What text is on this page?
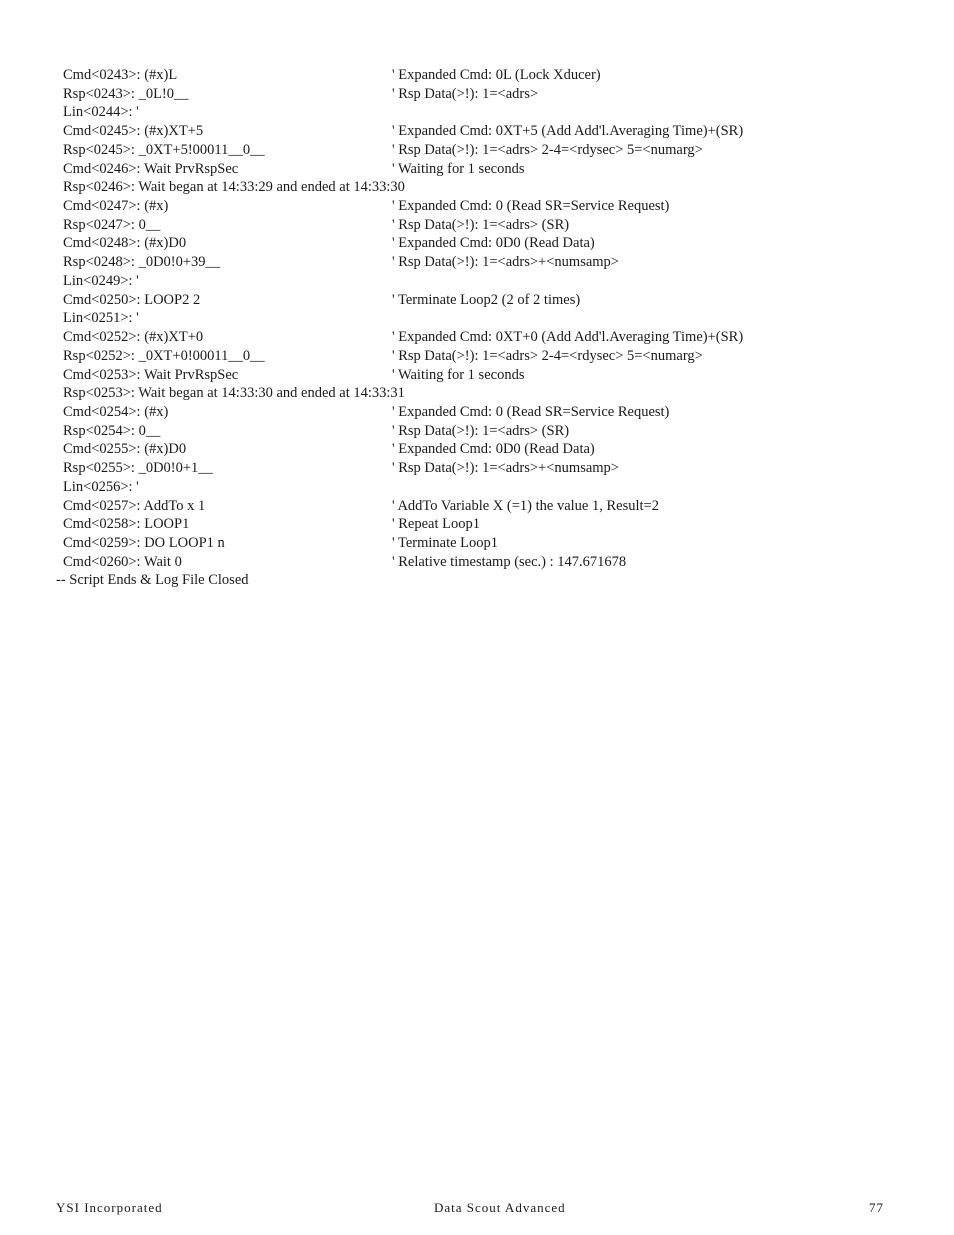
Cmd<0243>: (#x)L	' Expanded Cmd: 0L (Lock Xducer)
Rsp<0243>: _0L!0__	' Rsp Data(>!): 1=<adrs>
Lin<0244>: '
Cmd<0245>: (#x)XT+5	' Expanded Cmd: 0XT+5 (Add Add'l.Averaging Time)+(SR)
Rsp<0245>: _0XT+5!00011__0__	' Rsp Data(>!): 1=<adrs> 2-4=<rdysec> 5=<numarg>
Cmd<0246>: Wait PrvRspSec	' Waiting for 1 seconds
Rsp<0246>: Wait began at 14:33:29 and ended at 14:33:30
Cmd<0247>: (#x)	' Expanded Cmd: 0 (Read SR=Service Request)
Rsp<0247>: 0__	' Rsp Data(>!): 1=<adrs> (SR)
Cmd<0248>: (#x)D0	' Expanded Cmd: 0D0 (Read Data)
Rsp<0248>: _0D0!0+39__	' Rsp Data(>!): 1=<adrs>+<numsamp>
Lin<0249>: '
Cmd<0250>: LOOP2 2	' Terminate Loop2 (2 of 2 times)
Lin<0251>: '
Cmd<0252>: (#x)XT+0	' Expanded Cmd: 0XT+0 (Add Add'l.Averaging Time)+(SR)
Rsp<0252>: _0XT+0!00011__0__	' Rsp Data(>!): 1=<adrs> 2-4=<rdysec> 5=<numarg>
Cmd<0253>: Wait PrvRspSec	' Waiting for 1 seconds
Rsp<0253>: Wait began at 14:33:30 and ended at 14:33:31
Cmd<0254>: (#x)	' Expanded Cmd: 0 (Read SR=Service Request)
Rsp<0254>: 0__	' Rsp Data(>!): 1=<adrs> (SR)
Cmd<0255>: (#x)D0	' Expanded Cmd: 0D0 (Read Data)
Rsp<0255>: _0D0!0+1__	' Rsp Data(>!): 1=<adrs>+<numsamp>
Lin<0256>: '
Cmd<0257>: AddTo x 1	' AddTo Variable X (=1) the value 1, Result=2
Cmd<0258>: LOOP1	' Repeat Loop1
Cmd<0259>: DO LOOP1 n	' Terminate Loop1
Cmd<0260>: Wait 0	' Relative timestamp (sec.) : 147.671678
-- Script Ends & Log File Closed
YSI Incorporated	Data Scout Advanced	77
